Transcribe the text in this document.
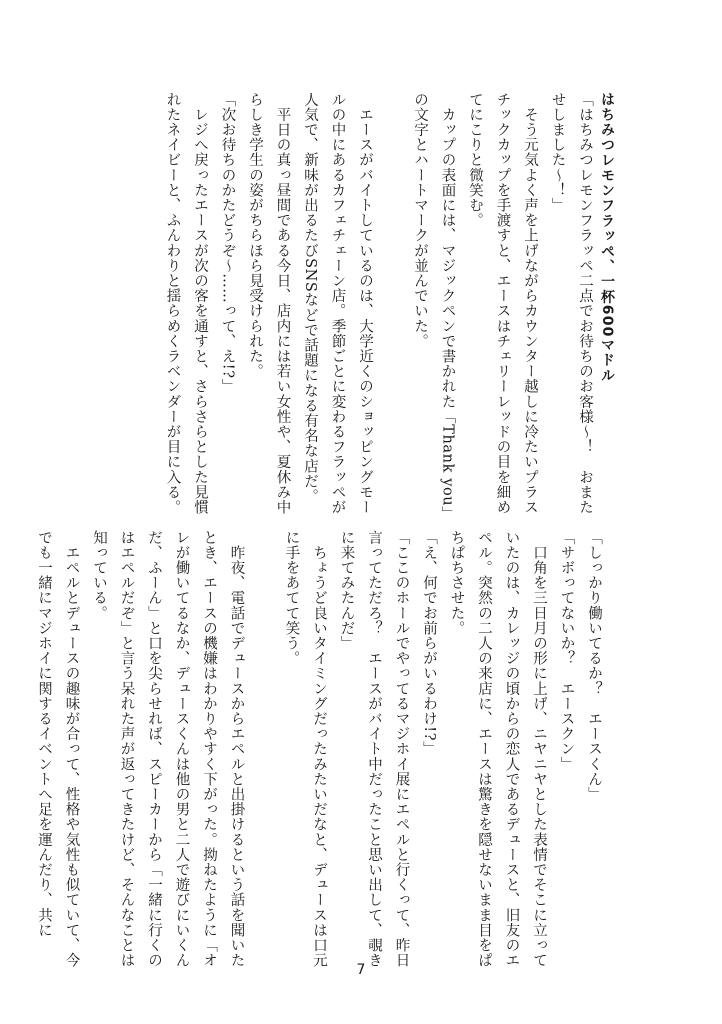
はちみつレモンフラッペ、一杯600マドル

「はちみつレモンフラッペ二点でお待ちのお客様〜！　おまたせしました〜！」

　そう元気よく声を上げながらカウンター越しに冷たいプラスチックカップを手渡すと、エースはチェリーレッドの目を細めてにこりと微笑む。

　カップの表面には、マジックペンで書かれた「Thank you」の文字とハートマークが並んでいた。

　エースがバイトしているのは、大学近くのショッピングモールの中にあるカフェチェーン店。季節ごとに変わるフラッペが人気で、新味が出るたびSNSなどで話題になる有名な店だ。

　平日の真っ昼間である今日、店内には若い女性や、夏休み中らしき学生の姿がちらほら見受けられた。

「次お待ちのかたどうぞ〜……って、え!?」

　レジへ戻ったエースが次の客を通すと、さらさらとした見慣れたネイビーと、ふんわりと揺らめくラベンダーが目に入る。

「しっかり働いてるか？　エースくん」

「サボってないか？　エースクン」

　口角を三日月の形に上げ、ニヤニヤとした表情でそこに立っていたのは、カレッジの頃からの恋人であるデュースと、旧友のエペル。突然の二人の来店に、エースは驚きを隠せないまま目をぱちぱちさせた。

「え、何でお前らがいるわけ!?」

「ここのホールでやってるマジホイ展にエペルと行くって、昨日言ってただろ？　エースがバイト中だったこと思い出して、覗きに来てみたんだ」

　ちょうど良いタイミングだったみたいだなと、デュースは口元に手をあてて笑う。

　昨夜、電話でデュースからエペルと出掛けるという話を聞いたとき、エースの機嫌はわかりやすく下がった。拗ねたように「オレが働いてるなか、デュースくんは他の男と二人で遊びにいくんだ、ふーん」と口を尖らせれば、スピーカーから「一緒に行くのはエペルだぞ」と言う呆れた声が返ってきたけど、そんなことは知っている。

　エペルとデュースの趣味が合って、性格や気性も似ていて、今でも一緒にマジホイに関するイベントへ足を運んだり、共に

7
